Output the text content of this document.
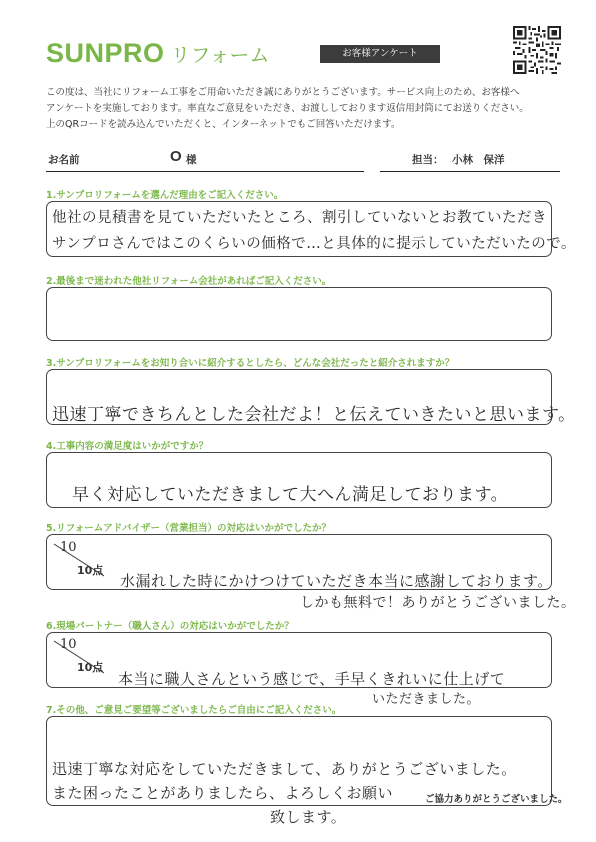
SUNPRO リフォーム	お客様アンケート

この度は、当社にリフォーム工事をご用命いただき誠にありがとうございます。サービス向上のため、お客様へ

アンケートを実施しております。率直なご意見をいただき、お渡ししております返信用封筒にてお送りください。

上のQRコードを読み込んでいただくと、インターネットでもご回答いただけます。

お名前	O 様	担当： 小林　保洋
1.サンプロリフォームを選んだ理由をご記入ください。
他社の見積書を見ていただいたところ、割引していないとお教ていただき
サンプロさんではこのくらいの価格で…と具体的に提示していただいたので。
2.最後まで迷われた他社リフォーム会社があればご記入ください。
3.サンプロリフォームをお知り合いに紹介するとしたら、どんな会社だったと紹介されますか？
迅速丁寧できちんとした会社だよ！と伝えていきたいと思います。
4.工事内容の満足度はいかがですか？
早く対応していただきまして大へん満足しております。
5.リフォームアドバイザー（営業担当）の対応はいかがでしたか？
10
10点
水漏れした時にかけつけていただき本当に感謝しております。
しかも無料で！ありがとうございました。
6.現場パートナー（職人さん）の対応はいかがでしたか？
10
10点
本当に職人さんという感じで、手早くきれいに仕上げて
いただきました。
7.その他、ご意見ご要望等ございましたらご自由にご記入ください。
迅速丁寧な対応をしていただきまして、ありがとうございました。
また困ったことがありましたら、よろしくお願い
致します。
ご協力ありがとうございました。
